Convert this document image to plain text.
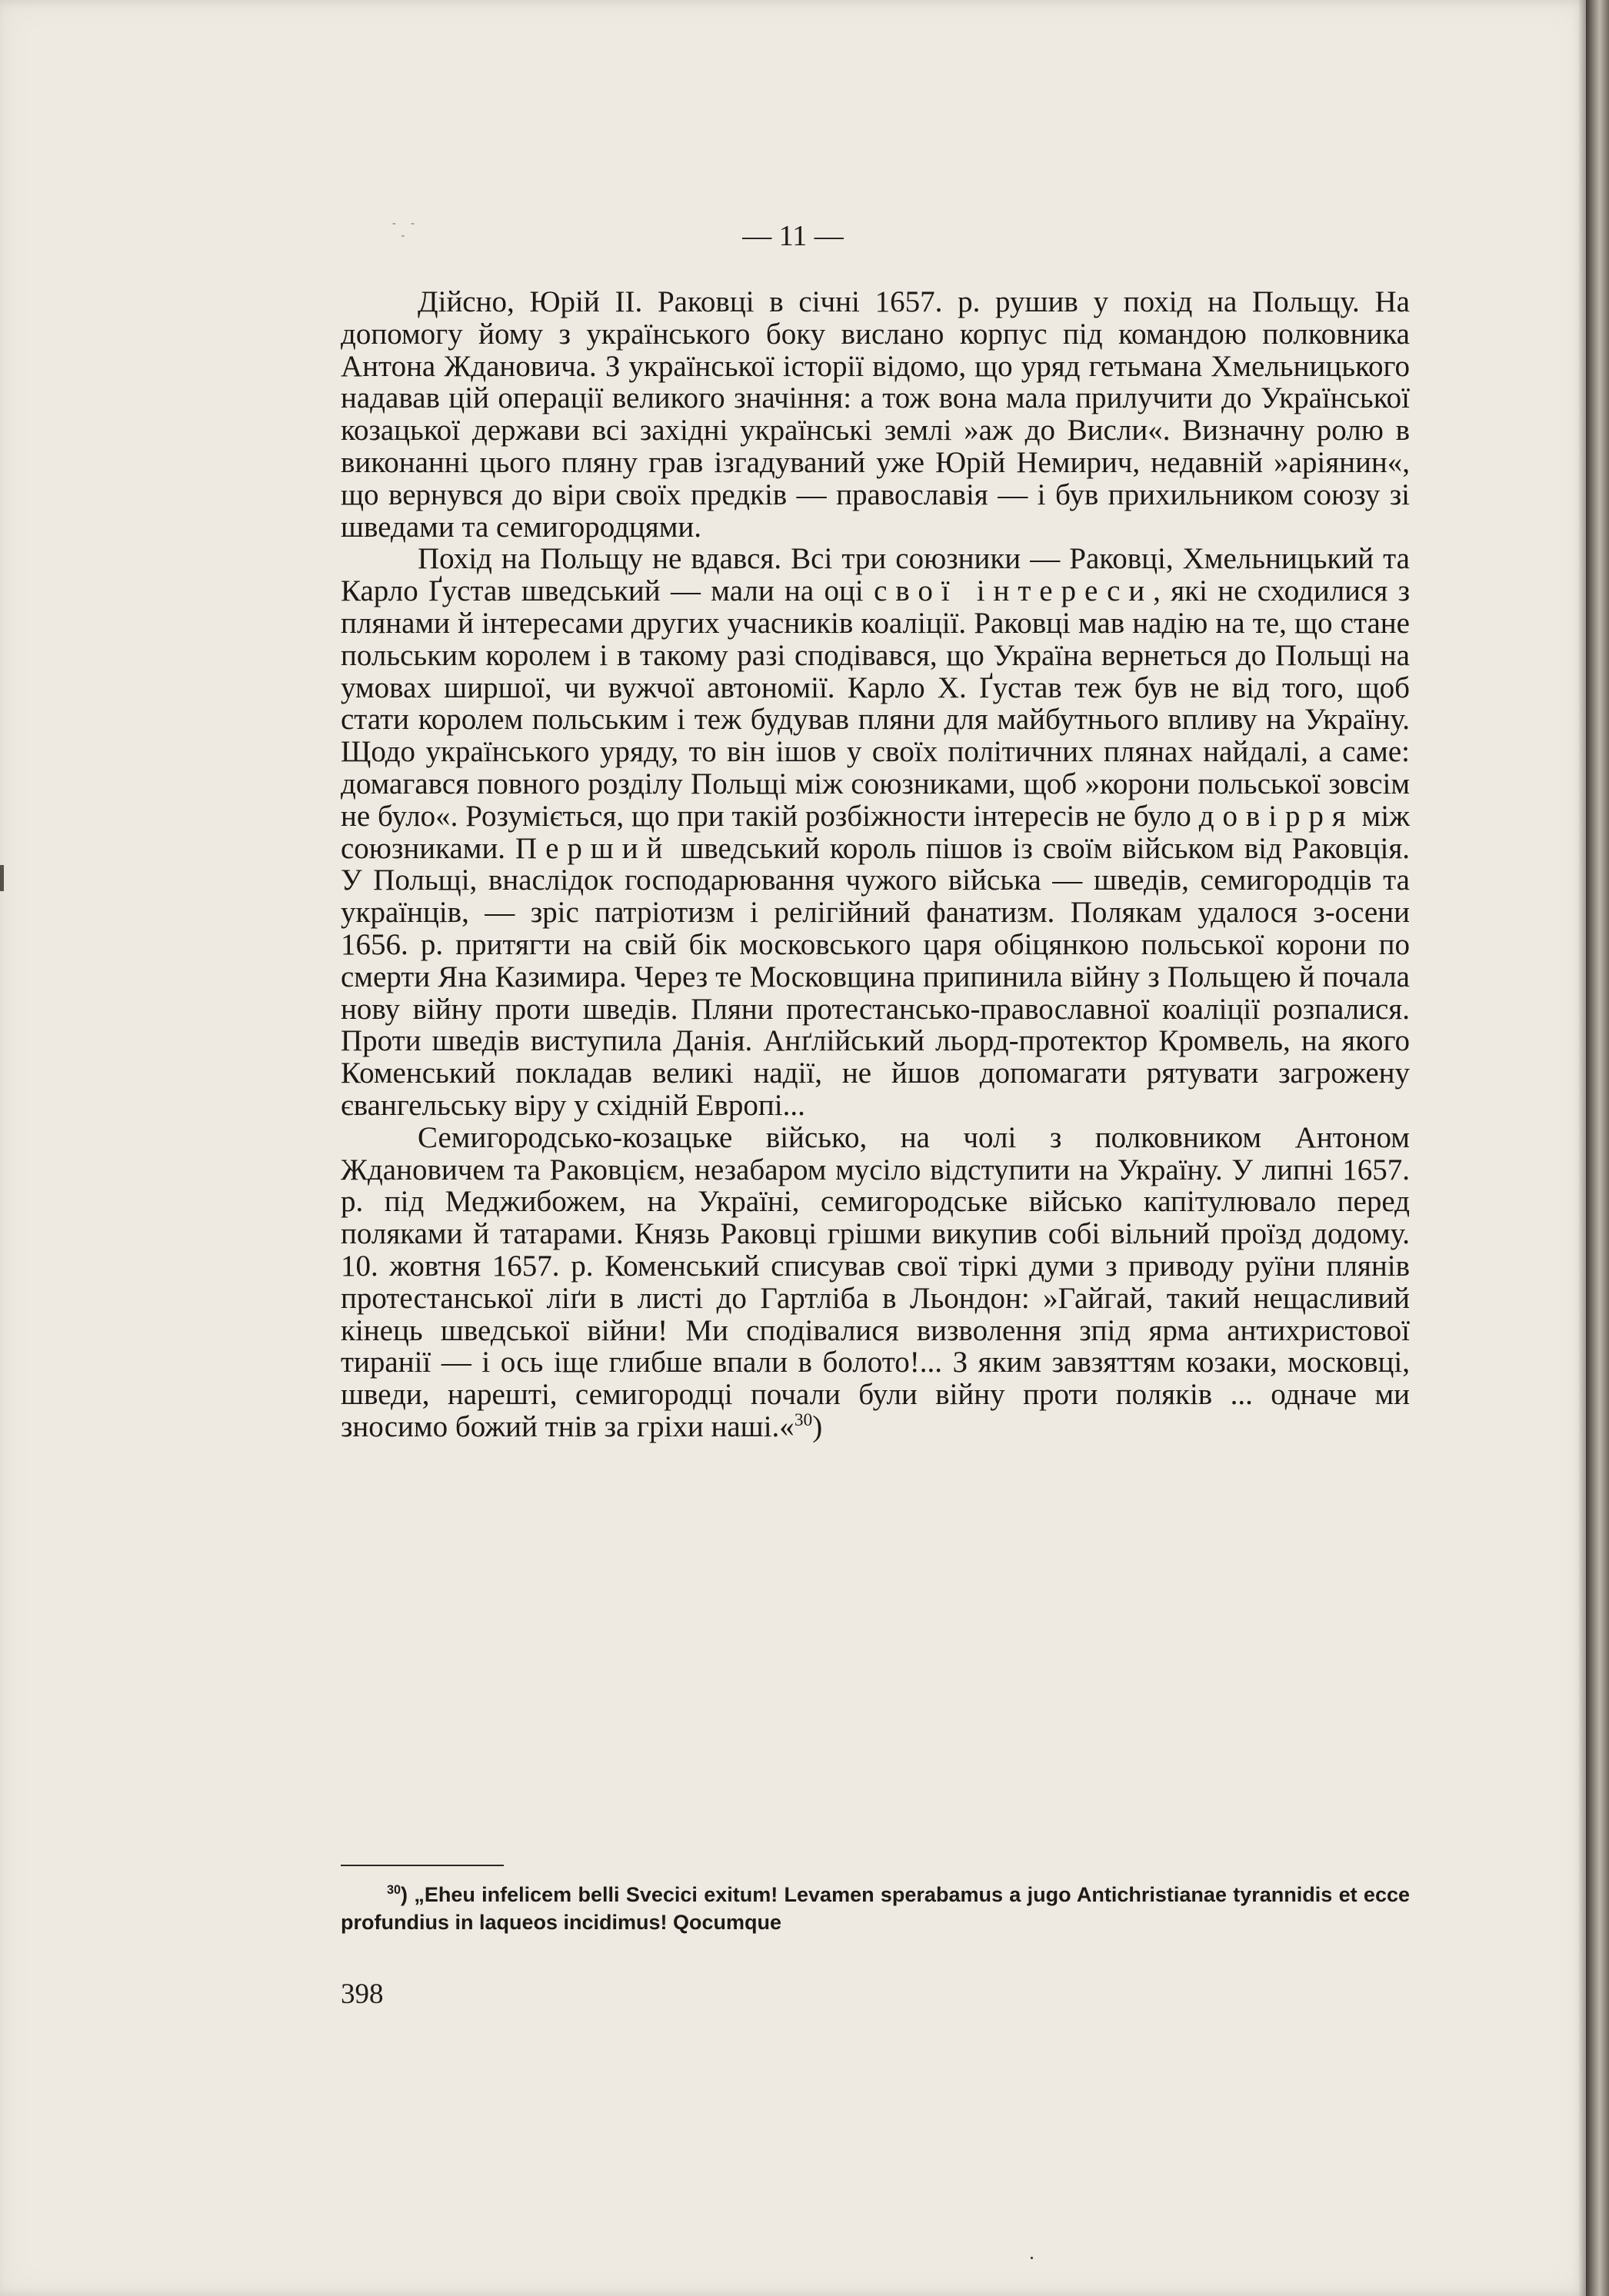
- - -	— 11 —

Дійсно, Юрій II. Раковці в січні 1657. р. рушив у похід на Польщу. На допомогу йому з українського боку вислано корпус під командою полковника Антона Ждановича. З української історії відомо, що уряд гетьмана Хмельницького надавав цій операції великого значіння: а тож вона мала прилучити до Української козацької держави всі західні українські землі »аж до Висли«. Визначну ролю в виконанні цього пляну грав ізгадуваний уже Юрій Немирич, недавній »аріянин«, що вернувся до віри своїх предків — православія — і був прихильником союзу зі шведами та семигородцями.

Похід на Польщу не вдався. Всі три союзники — Раковці, Хмельницький та Карло Ґустав шведський — мали на оці свої інтереси, які не сходилися з плянами й інтересами других учасників коаліції. Раковці мав надію на те, що стане польським королем і в такому разі сподівався, що Україна вернеться до Польщі на умовах ширшої, чи вужчої автономії. Карло Х. Ґустав теж був не від того, щоб стати королем польським і теж будував пляни для майбутнього впливу на Україну. Щодо українського уряду, то він ішов у своїх політичних плянах найдалі, а саме: домагався повного розділу Польщі між союзниками, щоб »корони польської зовсім не було«. Розуміється, що при такій розбіжности інтересів не було довірря між союзниками. Перший шведський король пішов із своїм військом від Раковція. У Польщі, внаслідок господарювання чужого війська — шведів, семигородців та українців, — зріс патріотизм і релігійний фанатизм. Полякам удалося з-осени 1656. р. притягти на свій бік московського царя обіцянкою польської корони по смерти Яна Казимира. Через те Московщина припинила війну з Польщею й почала нову війну проти шведів. Пляни протестансько-православної коаліції розпалися. Проти шведів виступила Данія. Анґлійський льорд-протектор Кромвель, на якого Коменський покладав великі надії, не йшов допомагати рятувати загрожену євангельську віру у східній Европі...

Семигородсько-козацьке військо, на чолі з полковником Антоном Ждановичем та Раковцієм, незабаром мусіло відступити на Україну. У липні 1657. р. під Меджибожем, на Україні, семигородське військо капітулювало перед поляками й татарами. Князь Раковці грішми викупив собі вільний проїзд додому. 10. жовтня 1657. р. Коменський списував свої тіркі думи з приводу руїни плянів протестанської ліґи в листі до Гартліба в Льондон: »Гайгай, такий нещасливий кінець шведської війни! Ми сподівалися визволення зпід ярма антихристової тиранії — і ось іще глибше впали в болото!... З яким завзяттям козаки, московці, шведи, нарешті, семигородці почали були війну проти поляків ... одначе ми зносимо божий тнів за гріхи наші.«$^{30}$)

$^{30}$) „Eheu infelicem belli Svecici exitum! Levamen sperabamus a jugo Antichristianae tyrannidis et ecce profundius in laqueos incidimus! Qocumque
398
